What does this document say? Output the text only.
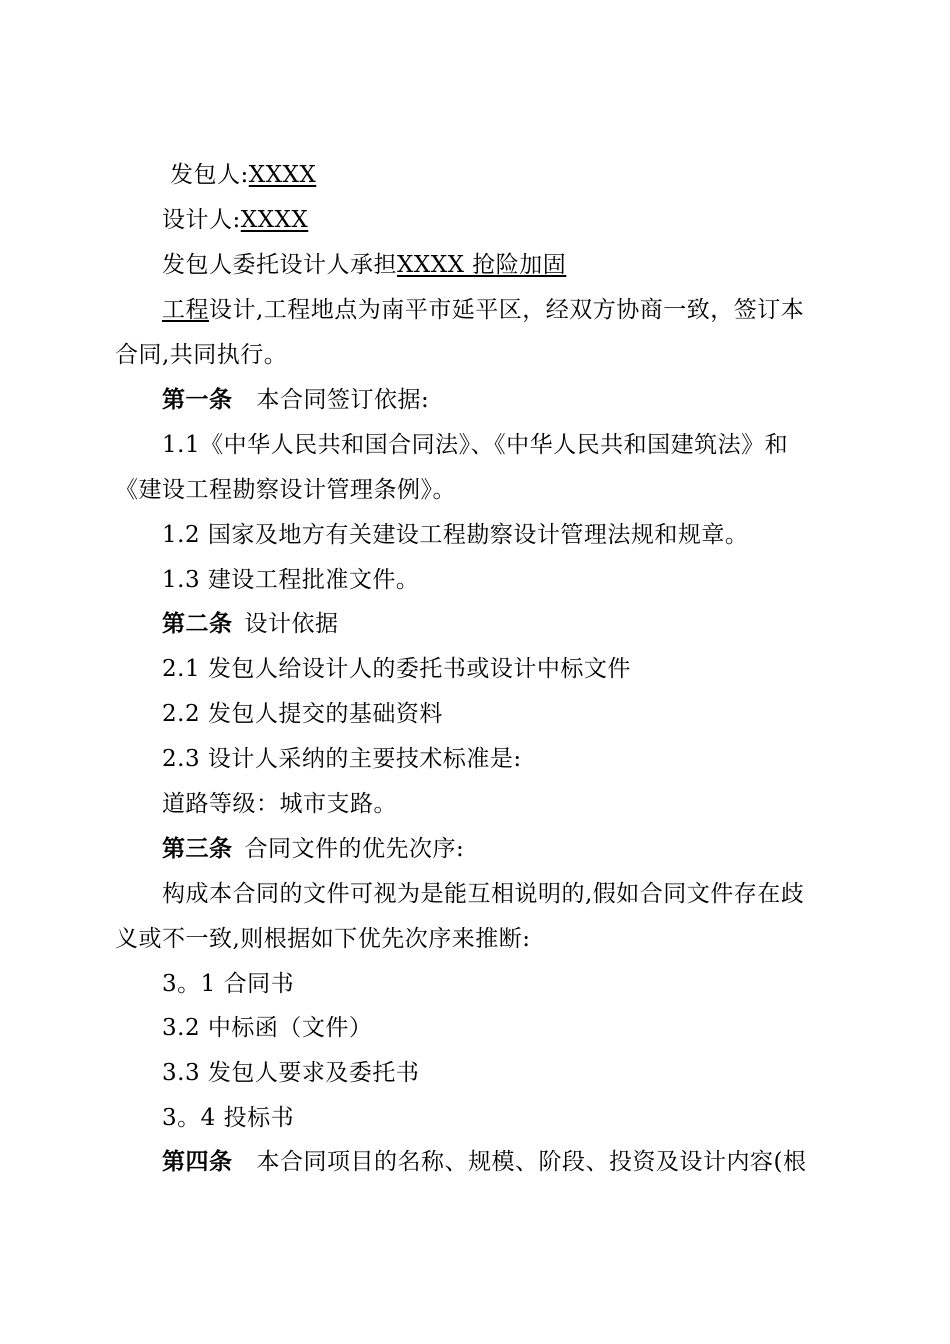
发包人:XXXX
设计人:XXXX
发包人委托设计人承担XXXX 抢险加固
工程设计,工程地点为南平市延平区，经双方协商一致，签订本
合同,共同执行。
第一条 本合同签订依据:
1.1《中华人民共和国合同法》、《中华人民共和国建筑法》和
《建设工程勘察设计管理条例》。
1.2 国家及地方有关建设工程勘察设计管理法规和规章。
1.3 建设工程批准文件。
第二条 设计依据
2.1 发包人给设计人的委托书或设计中标文件
2.2 发包人提交的基础资料
2.3 设计人采纳的主要技术标准是:
道路等级：城市支路。
第三条 合同文件的优先次序:
构成本合同的文件可视为是能互相说明的,假如合同文件存在歧
义或不一致,则根据如下优先次序来推断:
3。1 合同书
3.2 中标函（文件）
3.3 发包人要求及委托书
3。4 投标书
第四条 本合同项目的名称、规模、阶段、投资及设计内容(根
